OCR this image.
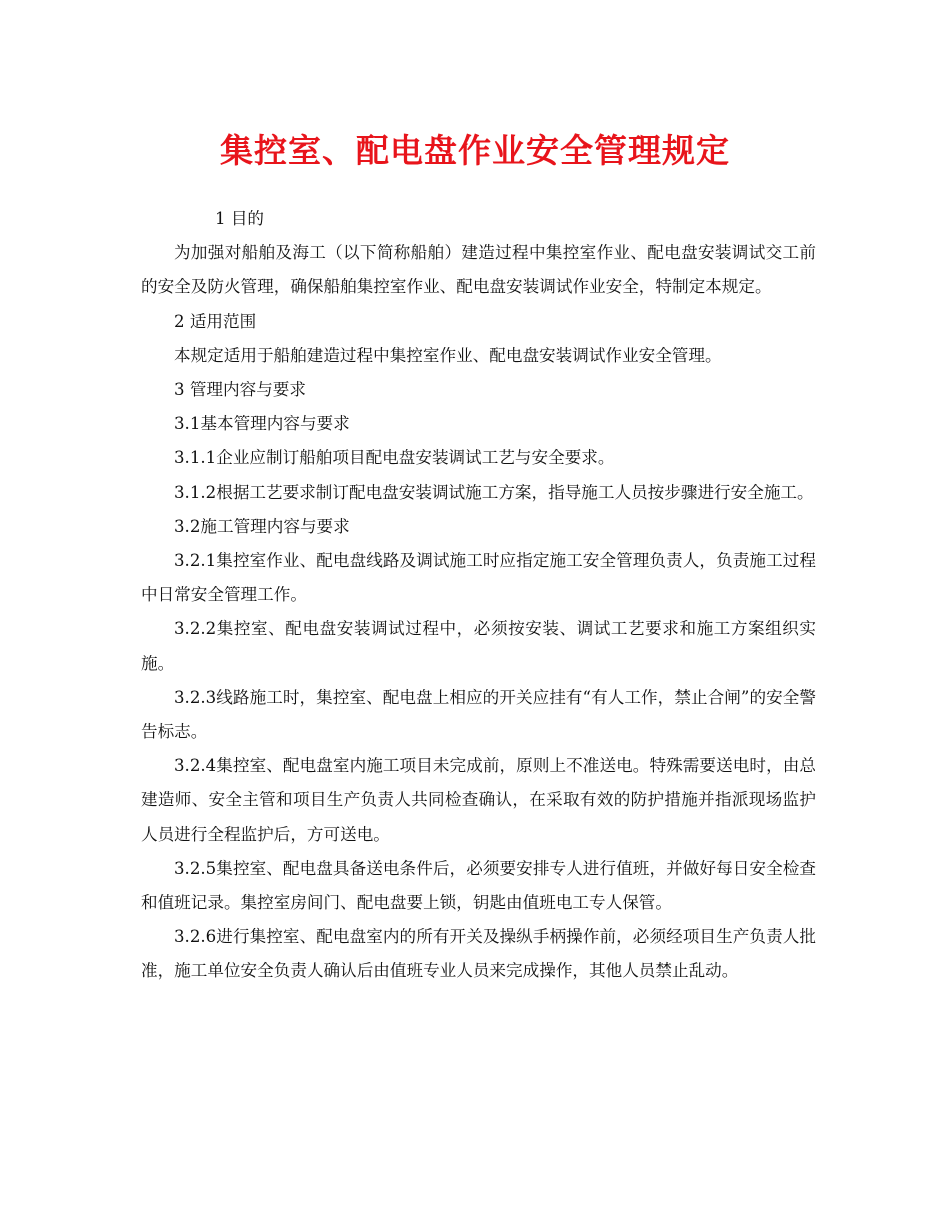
集控室、配电盘作业安全管理规定

1 目的

为加强对船舶及海工（以下简称船舶）建造过程中集控室作业、配电盘安装调试交工前的安全及防火管理，确保船舶集控室作业、配电盘安装调试作业安全，特制定本规定。

2 适用范围

本规定适用于船舶建造过程中集控室作业、配电盘安装调试作业安全管理。

3 管理内容与要求

3.1基本管理内容与要求

3.1.1企业应制订船舶项目配电盘安装调试工艺与安全要求。

3.1.2根据工艺要求制订配电盘安装调试施工方案，指导施工人员按步骤进行安全施工。

3.2施工管理内容与要求

3.2.1集控室作业、配电盘线路及调试施工时应指定施工安全管理负责人，负责施工过程中日常安全管理工作。

3.2.2集控室、配电盘安装调试过程中，必须按安装、调试工艺要求和施工方案组织实施。

3.2.3线路施工时，集控室、配电盘上相应的开关应挂有“有人工作，禁止合闸”的安全警告标志。

3.2.4集控室、配电盘室内施工项目未完成前，原则上不准送电。特殊需要送电时，由总建造师、安全主管和项目生产负责人共同检查确认，在采取有效的防护措施并指派现场监护人员进行全程监护后，方可送电。

3.2.5集控室、配电盘具备送电条件后，必须要安排专人进行值班，并做好每日安全检查和值班记录。集控室房间门、配电盘要上锁，钥匙由值班电工专人保管。

3.2.6进行集控室、配电盘室内的所有开关及操纵手柄操作前，必须经项目生产负责人批准，施工单位安全负责人确认后由值班专业人员来完成操作，其他人员禁止乱动。
